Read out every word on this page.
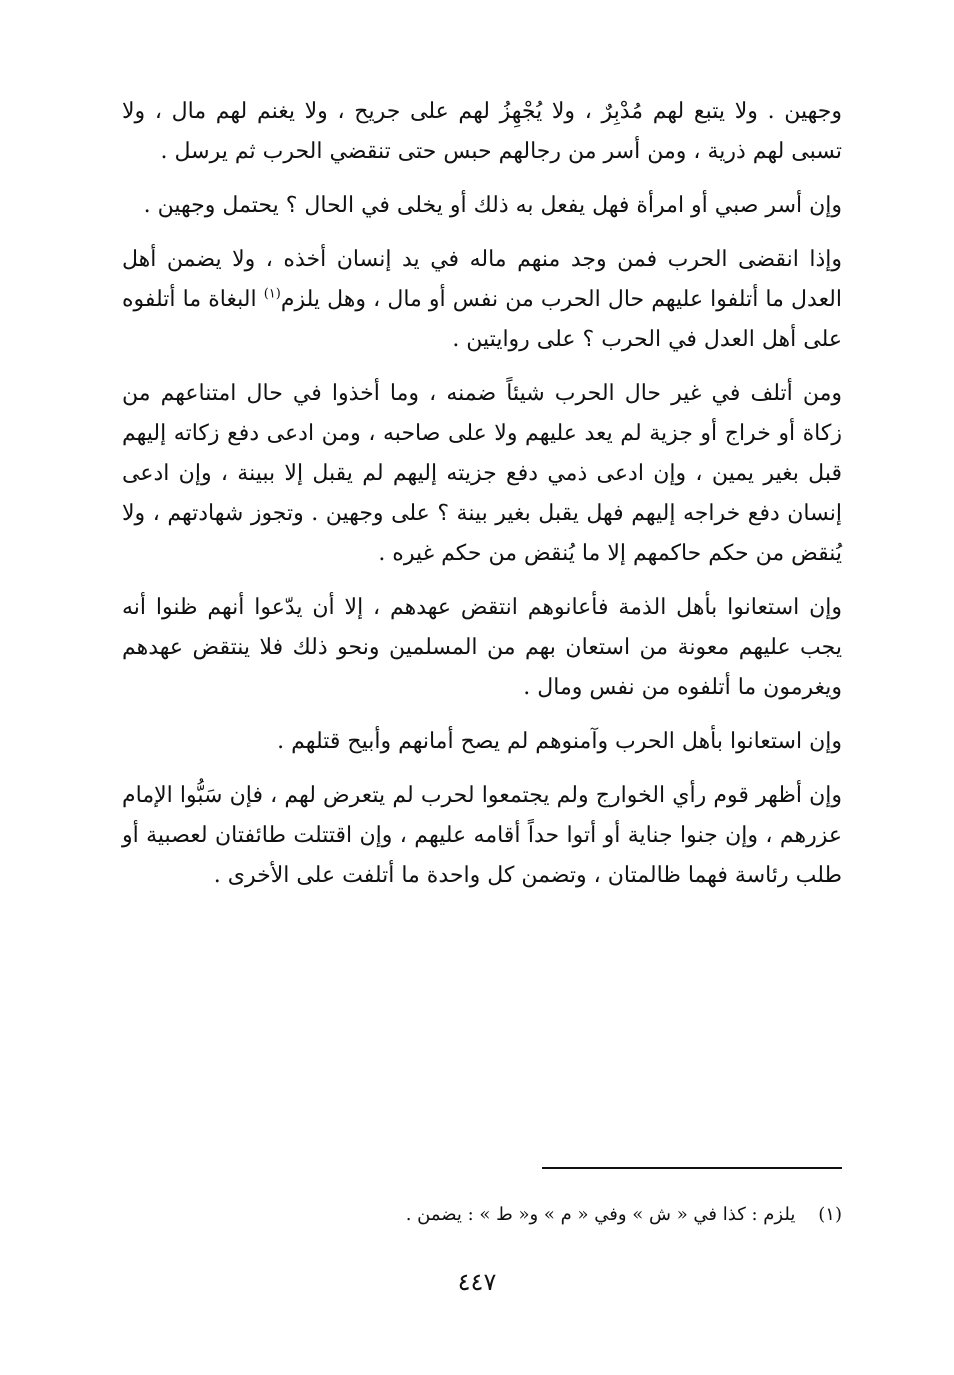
وجهين . ولا يتبع لهم مُدْبِرٌ ، ولا يُجْهِزُ لهم على جريح ، ولا يغنم لهم مال ، ولا تسبى لهم ذرية ، ومن أسر من رجالهم حبس حتى تنقضي الحرب ثم يرسل .

وإن أسر صبي أو امرأة فهل يفعل به ذلك أو يخلى في الحال ؟ يحتمل وجهين .

وإذا انقضى الحرب فمن وجد منهم ماله في يد إنسان أخذه ، ولا يضمن أهل العدل ما أتلفوا عليهم حال الحرب من نفس أو مال ، وهل يلزم$^{(١)}$ البغاة ما أتلفوه على أهل العدل في الحرب ؟ على روايتين .

ومن أتلف في غير حال الحرب شيئاً ضمنه ، وما أخذوا في حال امتناعهم من زكاة أو خراج أو جزية لم يعد عليهم ولا على صاحبه ، ومن ادعى دفع زكاته إليهم قبل بغير يمين ، وإن ادعى ذمي دفع جزيته إليهم لم يقبل إلا ببينة ، وإن ادعى إنسان دفع خراجه إليهم فهل يقبل بغير بينة ؟ على وجهين . وتجوز شهادتهم ، ولا يُنقض من حكم حاكمهم إلا ما يُنقض من حكم غيره .

وإن استعانوا بأهل الذمة فأعانوهم انتقض عهدهم ، إلا أن يدّعوا أنهم ظنوا أنه يجب عليهم معونة من استعان بهم من المسلمين ونحو ذلك فلا ينتقض عهدهم ويغرمون ما أتلفوه من نفس ومال .

وإن استعانوا بأهل الحرب وآمنوهم لم يصح أمانهم وأبيح قتلهم .

وإن أظهر قوم رأي الخوارج ولم يجتمعوا لحرب لم يتعرض لهم ، فإن سَبُّوا الإمام عزرهم ، وإن جنوا جناية أو أتوا حداً أقامه عليهم ، وإن اقتتلت طائفتان لعصبية أو طلب رئاسة فهما ظالمتان ، وتضمن كل واحدة ما أتلفت على الأخرى .

(١)    يلزم : كذا في « ش » وفي « م » و« ط » : يضمن .
٤٤٧
